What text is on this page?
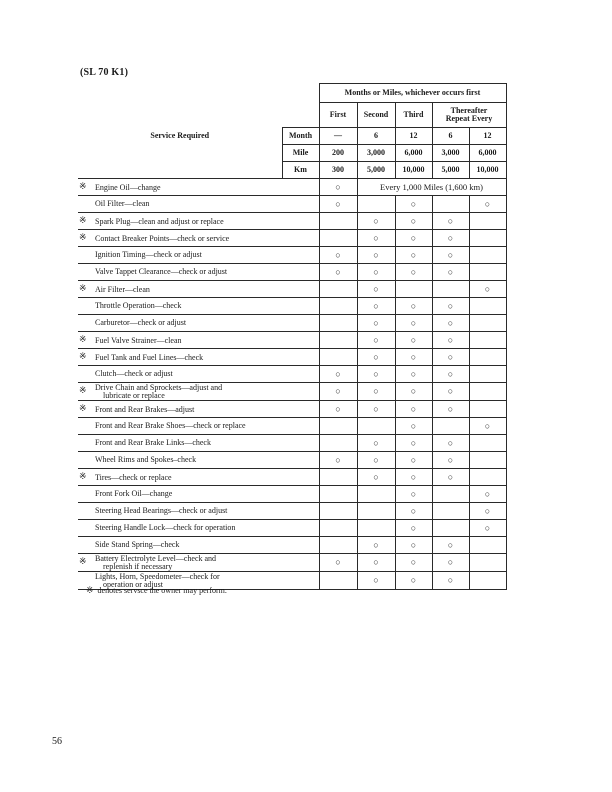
(SL 70 K1)
		Months or Miles, whichever occurs first				
		First	Second	Third	Thereafter
Repeat Every	

Service Required	Month	—	6	12	6	12
	Mile	200	3,000	6,000	3,000	6,000
	Km	300	5,000	10,000	5,000	10,000
※ Engine Oil—change		○	Every 1,000 Miles (1,600 km)			
Oil Filter—clean		○		○		○
※ Spark Plug—clean and adjust or replace			○	○	○	
※ Contact Breaker Points—check or service			○	○	○	
Ignition Timing—check or adjust		○	○	○	○	
Valve Tappet Clearance—check or adjust		○	○	○	○	
※ Air Filter—clean			○			○
Throttle Operation—check			○	○	○	
Carburetor—check or adjust			○	○	○	
※ Fuel Valve Strainer—clean			○	○	○	
※ Fuel Tank and Fuel Lines—check			○	○	○	
Clutch—check or adjust		○	○	○	○	
※ Drive Chain and Sprockets—adjust and
lubricate or replace		○	○	○	○	
※ Front and Rear Brakes—adjust		○	○	○	○	
Front and Rear Brake Shoes—check or replace				○		○
Front and Rear Brake Links—check			○	○	○	
Wheel Rims and Spokes–check		○	○	○	○	
※ Tires—check or replace			○	○	○	
Front Fork Oil—change				○		○
Steering Head Bearings—check or adjust				○		○
Steering Handle Lock—check for operation				○		○
Side Stand Spring—check			○	○	○	
※ Battery Electrolyte Level—check and
replenish if necessary		○	○	○	○	

Lights, Horn, Speedometer—check for
operation or adjust			○	○	○	
※ denotes servsce the owner may perform.
56
